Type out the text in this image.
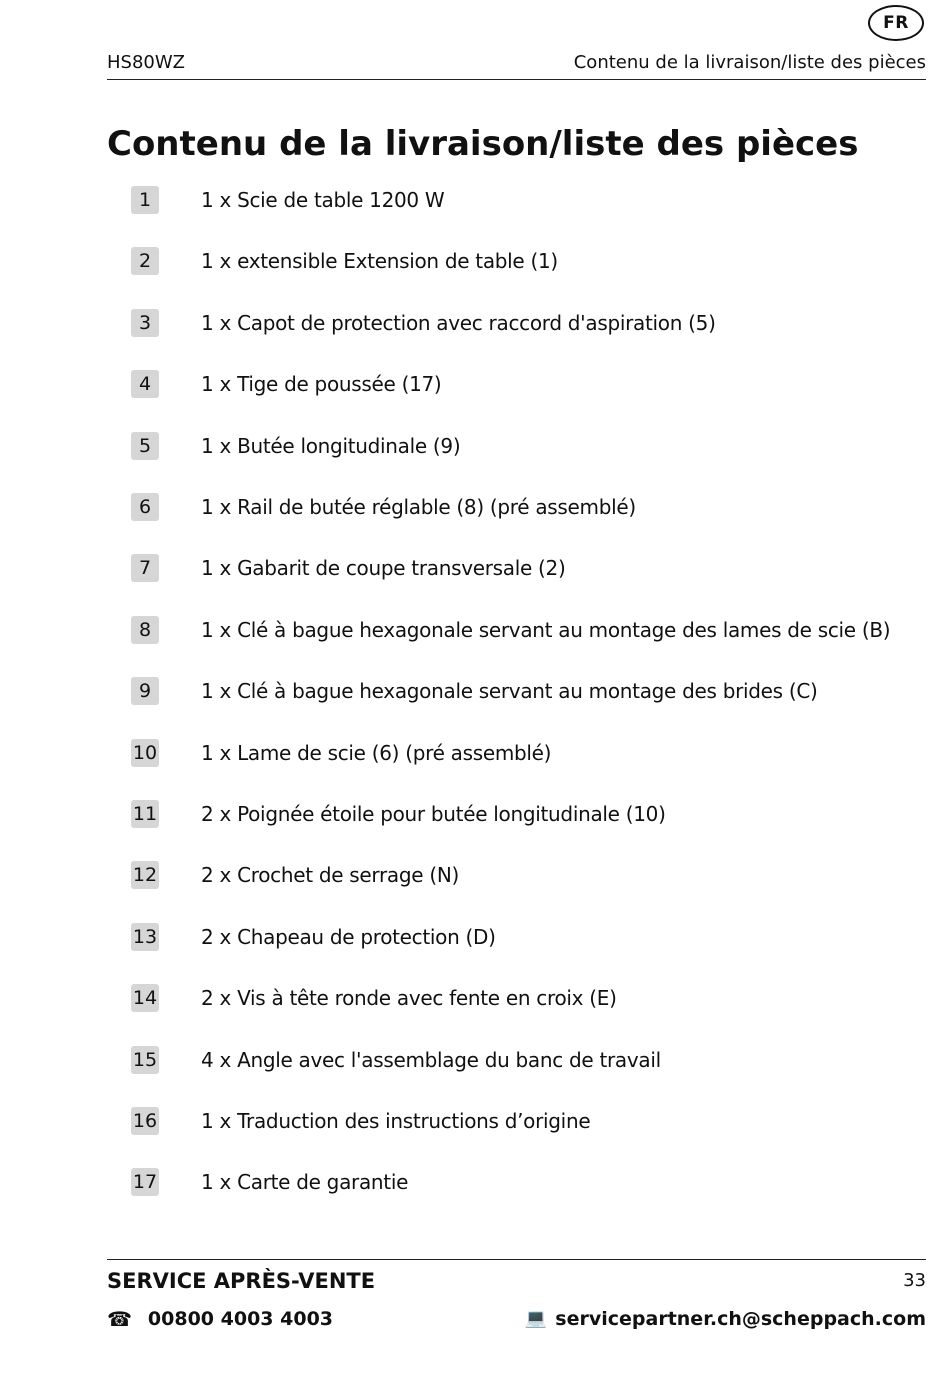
FR
HS80WZ	Contenu de la livraison/liste des pièces
Contenu de la livraison/liste des pièces
1	1 x Scie de table 1200 W
2	1 x extensible Extension de table (1)
3	1 x Capot de protection avec raccord d'aspiration (5)
4	1 x Tige de poussée (17)
5	1 x Butée longitudinale (9)
6	1 x Rail de butée réglable (8) (pré assemblé)
7	1 x Gabarit de coupe transversale (2)
8	1 x Clé à bague hexagonale servant au montage des lames de scie (B)
9	1 x Clé à bague hexagonale servant au montage des brides (C)
10 1 x Lame de scie (6) (pré assemblé)
11 2 x Poignée étoile pour butée longitudinale (10)
12 2 x Crochet de serrage (N)
13 2 x Chapeau de protection (D)
14 2 x Vis à tête ronde avec fente en croix (E)
15 4 x Angle avec l'assemblage du banc de travail
16 1 x Traduction des instructions d’origine
17 1 x Carte de garantie
SERVICE APRÈS-VENTE	33
☎ 00800 4003 4003	💻 servicepartner.ch@scheppach.com
